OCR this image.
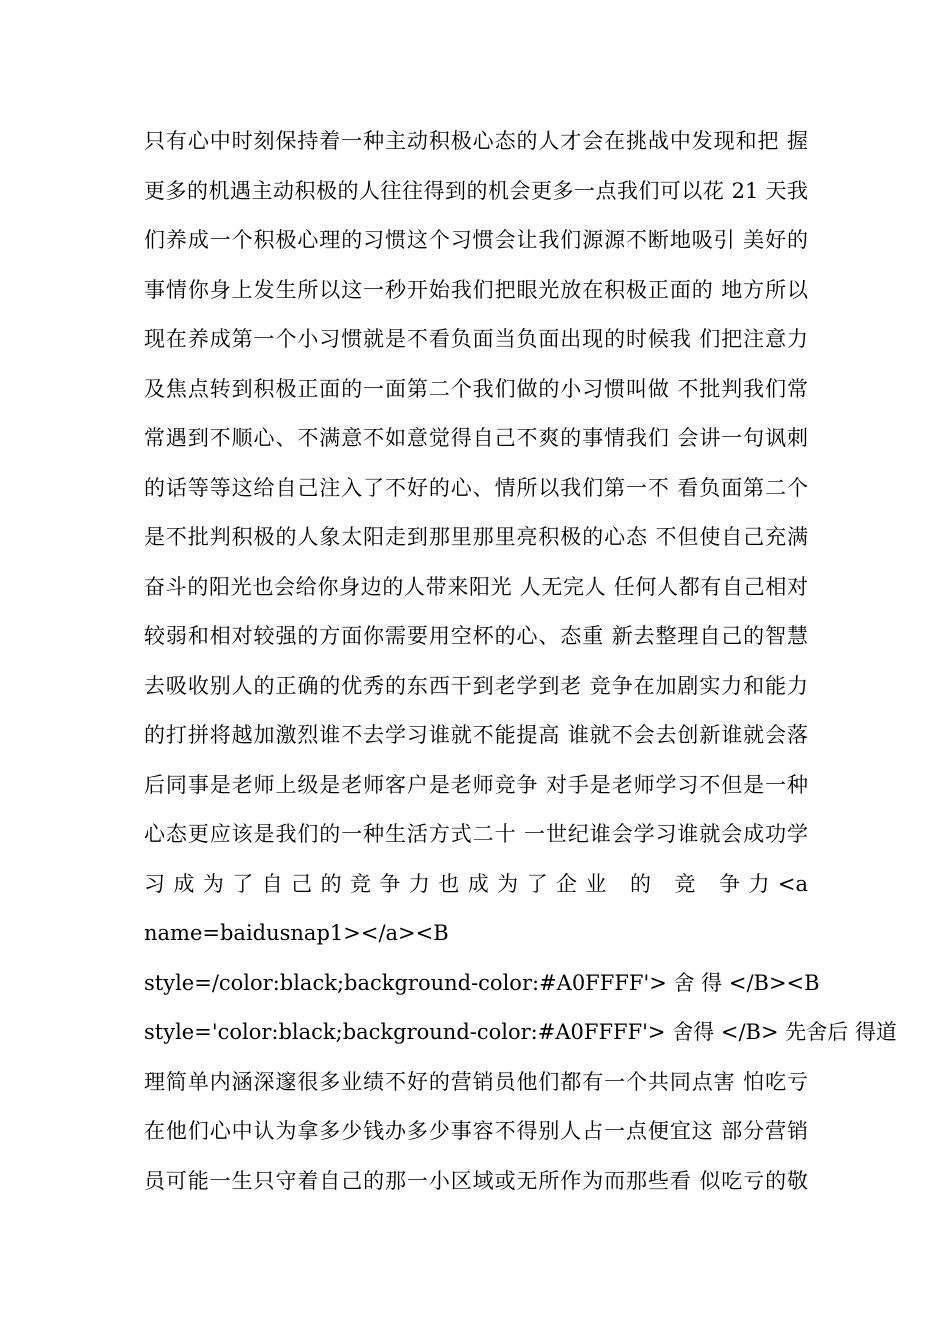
只有心中时刻保持着一种主动积极心态的人才会在挑战中发现和把 握
更多的机遇主动积极的人往往得到的机会更多一点我们可以花 21 天我
们养成一个积极心理的习惯这个习惯会让我们源源不断地吸引 美好的
事情你身上发生所以这一秒开始我们把眼光放在积极正面的 地方所以
现在养成第一个小习惯就是不看负面当负面出现的时候我 们把注意力
及焦点转到积极正面的一面第二个我们做的小习惯叫做 不批判我们常
常遇到不顺心、不满意不如意觉得自己不爽的事情我们 会讲一句讽刺
的话等等这给自己注入了不好的心、情所以我们第一不 看负面第二个
是不批判积极的人象太阳走到那里那里亮积极的心态 不但使自己充满
奋斗的阳光也会给你身边的人带来阳光 人无完人 任何人都有自己相对
较弱和相对较强的方面你需要用空杯的心、态重 新去整理自己的智慧
去吸收别人的正确的优秀的东西干到老学到老 竞争在加剧实力和能力
的打拼将越加激烈谁不去学习谁就不能提高 谁就不会去创新谁就会落
后同事是老师上级是老师客户是老师竞争 对手是老师学习不但是一种
心态更应该是我们的一种生活方式二十 一世纪谁会学习谁就会成功学
习成为了自己的竞争力也成为了企业 的 竞 争力<a
name=baidusnap1></a><B
style=/color:black;background-color:#A0FFFF'> 舍 得 </B><B
style='color:black;background-color:#A0FFFF'> 舍得 </B> 先舍后 得道
理简单内涵深邃很多业绩不好的营销员他们都有一个共同点害 怕吃亏
在他们心中认为拿多少钱办多少事容不得别人占一点便宜这 部分营销
员可能一生只守着自己的那一小区域或无所作为而那些看 似吃亏的敬
